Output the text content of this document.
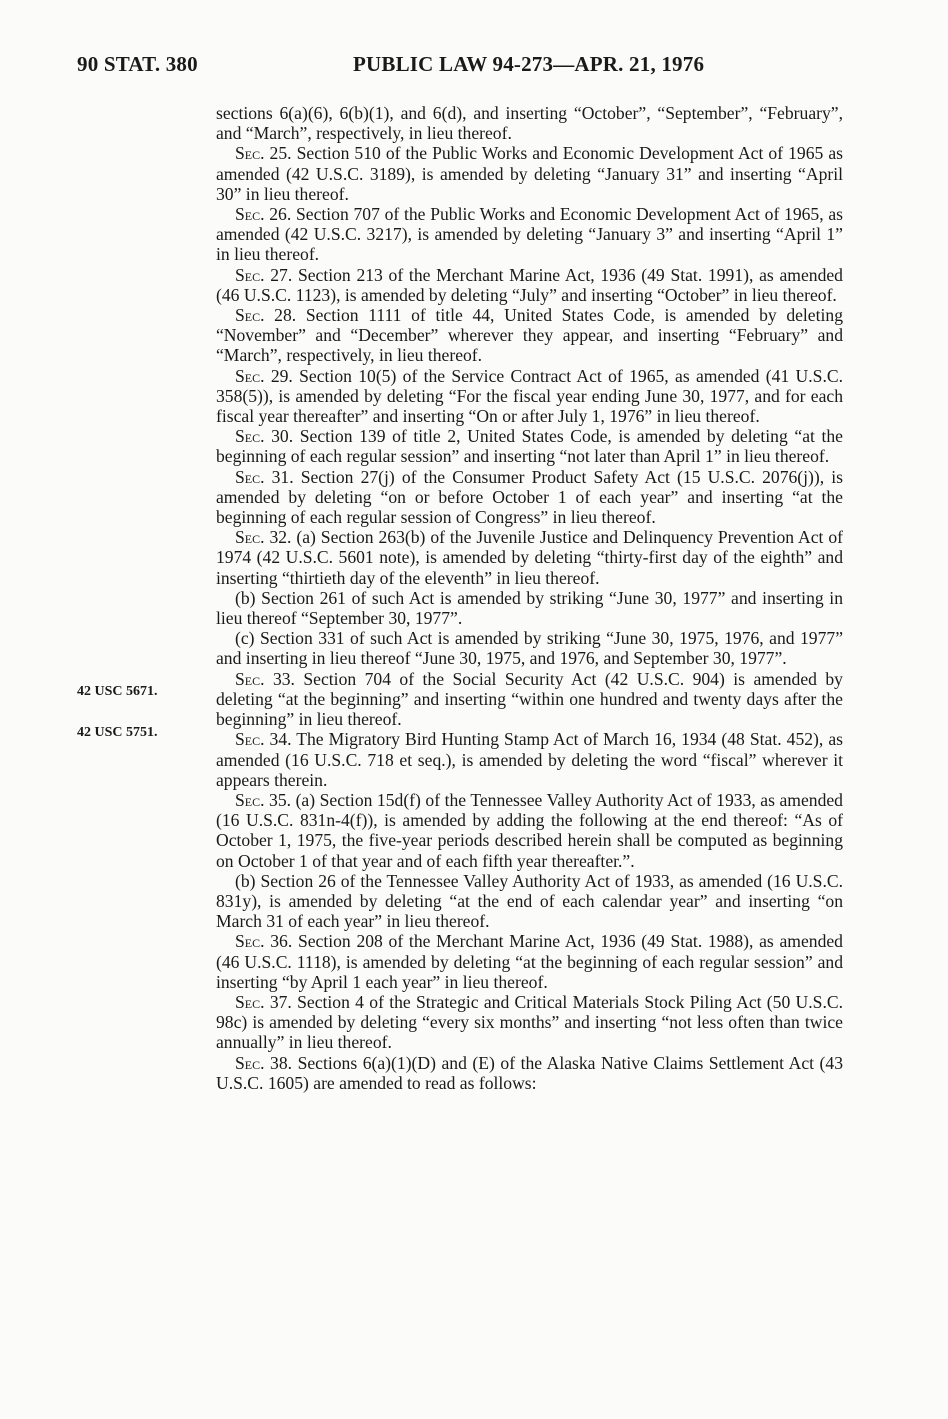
90 STAT. 380	PUBLIC LAW 94-273—APR. 21, 1976
42 USC 5671.
42 USC 5751.

sections 6(a)(6), 6(b)(1), and 6(d), and inserting “October”, “September”, “February”, and “March”, respectively, in lieu thereof.

Sec. 25. Section 510 of the Public Works and Economic Development Act of 1965 as amended (42 U.S.C. 3189), is amended by deleting “January 31” and inserting “April 30” in lieu thereof.

Sec. 26. Section 707 of the Public Works and Economic Development Act of 1965, as amended (42 U.S.C. 3217), is amended by deleting “January 3” and inserting “April 1” in lieu thereof.

Sec. 27. Section 213 of the Merchant Marine Act, 1936 (49 Stat. 1991), as amended (46 U.S.C. 1123), is amended by deleting “July” and inserting “October” in lieu thereof.

Sec. 28. Section 1111 of title 44, United States Code, is amended by deleting “November” and “December” wherever they appear, and inserting “February” and “March”, respectively, in lieu thereof.

Sec. 29. Section 10(5) of the Service Contract Act of 1965, as amended (41 U.S.C. 358(5)), is amended by deleting “For the fiscal year ending June 30, 1977, and for each fiscal year thereafter” and inserting “On or after July 1, 1976” in lieu thereof.

Sec. 30. Section 139 of title 2, United States Code, is amended by deleting “at the beginning of each regular session” and inserting “not later than April 1” in lieu thereof.

Sec. 31. Section 27(j) of the Consumer Product Safety Act (15 U.S.C. 2076(j)), is amended by deleting “on or before October 1 of each year” and inserting “at the beginning of each regular session of Congress” in lieu thereof.

Sec. 32. (a) Section 263(b) of the Juvenile Justice and Delinquency Prevention Act of 1974 (42 U.S.C. 5601 note), is amended by deleting “thirty-first day of the eighth” and inserting “thirtieth day of the eleventh” in lieu thereof.

(b) Section 261 of such Act is amended by striking “June 30, 1977” and inserting in lieu thereof “September 30, 1977”.

(c) Section 331 of such Act is amended by striking “June 30, 1975, 1976, and 1977” and inserting in lieu thereof “June 30, 1975, and 1976, and September 30, 1977”.

Sec. 33. Section 704 of the Social Security Act (42 U.S.C. 904) is amended by deleting “at the beginning” and inserting “within one hundred and twenty days after the beginning” in lieu thereof.

Sec. 34. The Migratory Bird Hunting Stamp Act of March 16, 1934 (48 Stat. 452), as amended (16 U.S.C. 718 et seq.), is amended by deleting the word “fiscal” wherever it appears therein.

Sec. 35. (a) Section 15d(f) of the Tennessee Valley Authority Act of 1933, as amended (16 U.S.C. 831n-4(f)), is amended by adding the following at the end thereof: “As of October 1, 1975, the five-year periods described herein shall be computed as beginning on October 1 of that year and of each fifth year thereafter.”.

(b) Section 26 of the Tennessee Valley Authority Act of 1933, as amended (16 U.S.C. 831y), is amended by deleting “at the end of each calendar year” and inserting “on March 31 of each year” in lieu thereof.

Sec. 36. Section 208 of the Merchant Marine Act, 1936 (49 Stat. 1988), as amended (46 U.S.C. 1118), is amended by deleting “at the beginning of each regular session” and inserting “by April 1 each year” in lieu thereof.

Sec. 37. Section 4 of the Strategic and Critical Materials Stock Piling Act (50 U.S.C. 98c) is amended by deleting “every six months” and inserting “not less often than twice annually” in lieu thereof.

Sec. 38. Sections 6(a)(1)(D) and (E) of the Alaska Native Claims Settlement Act (43 U.S.C. 1605) are amended to read as follows:
